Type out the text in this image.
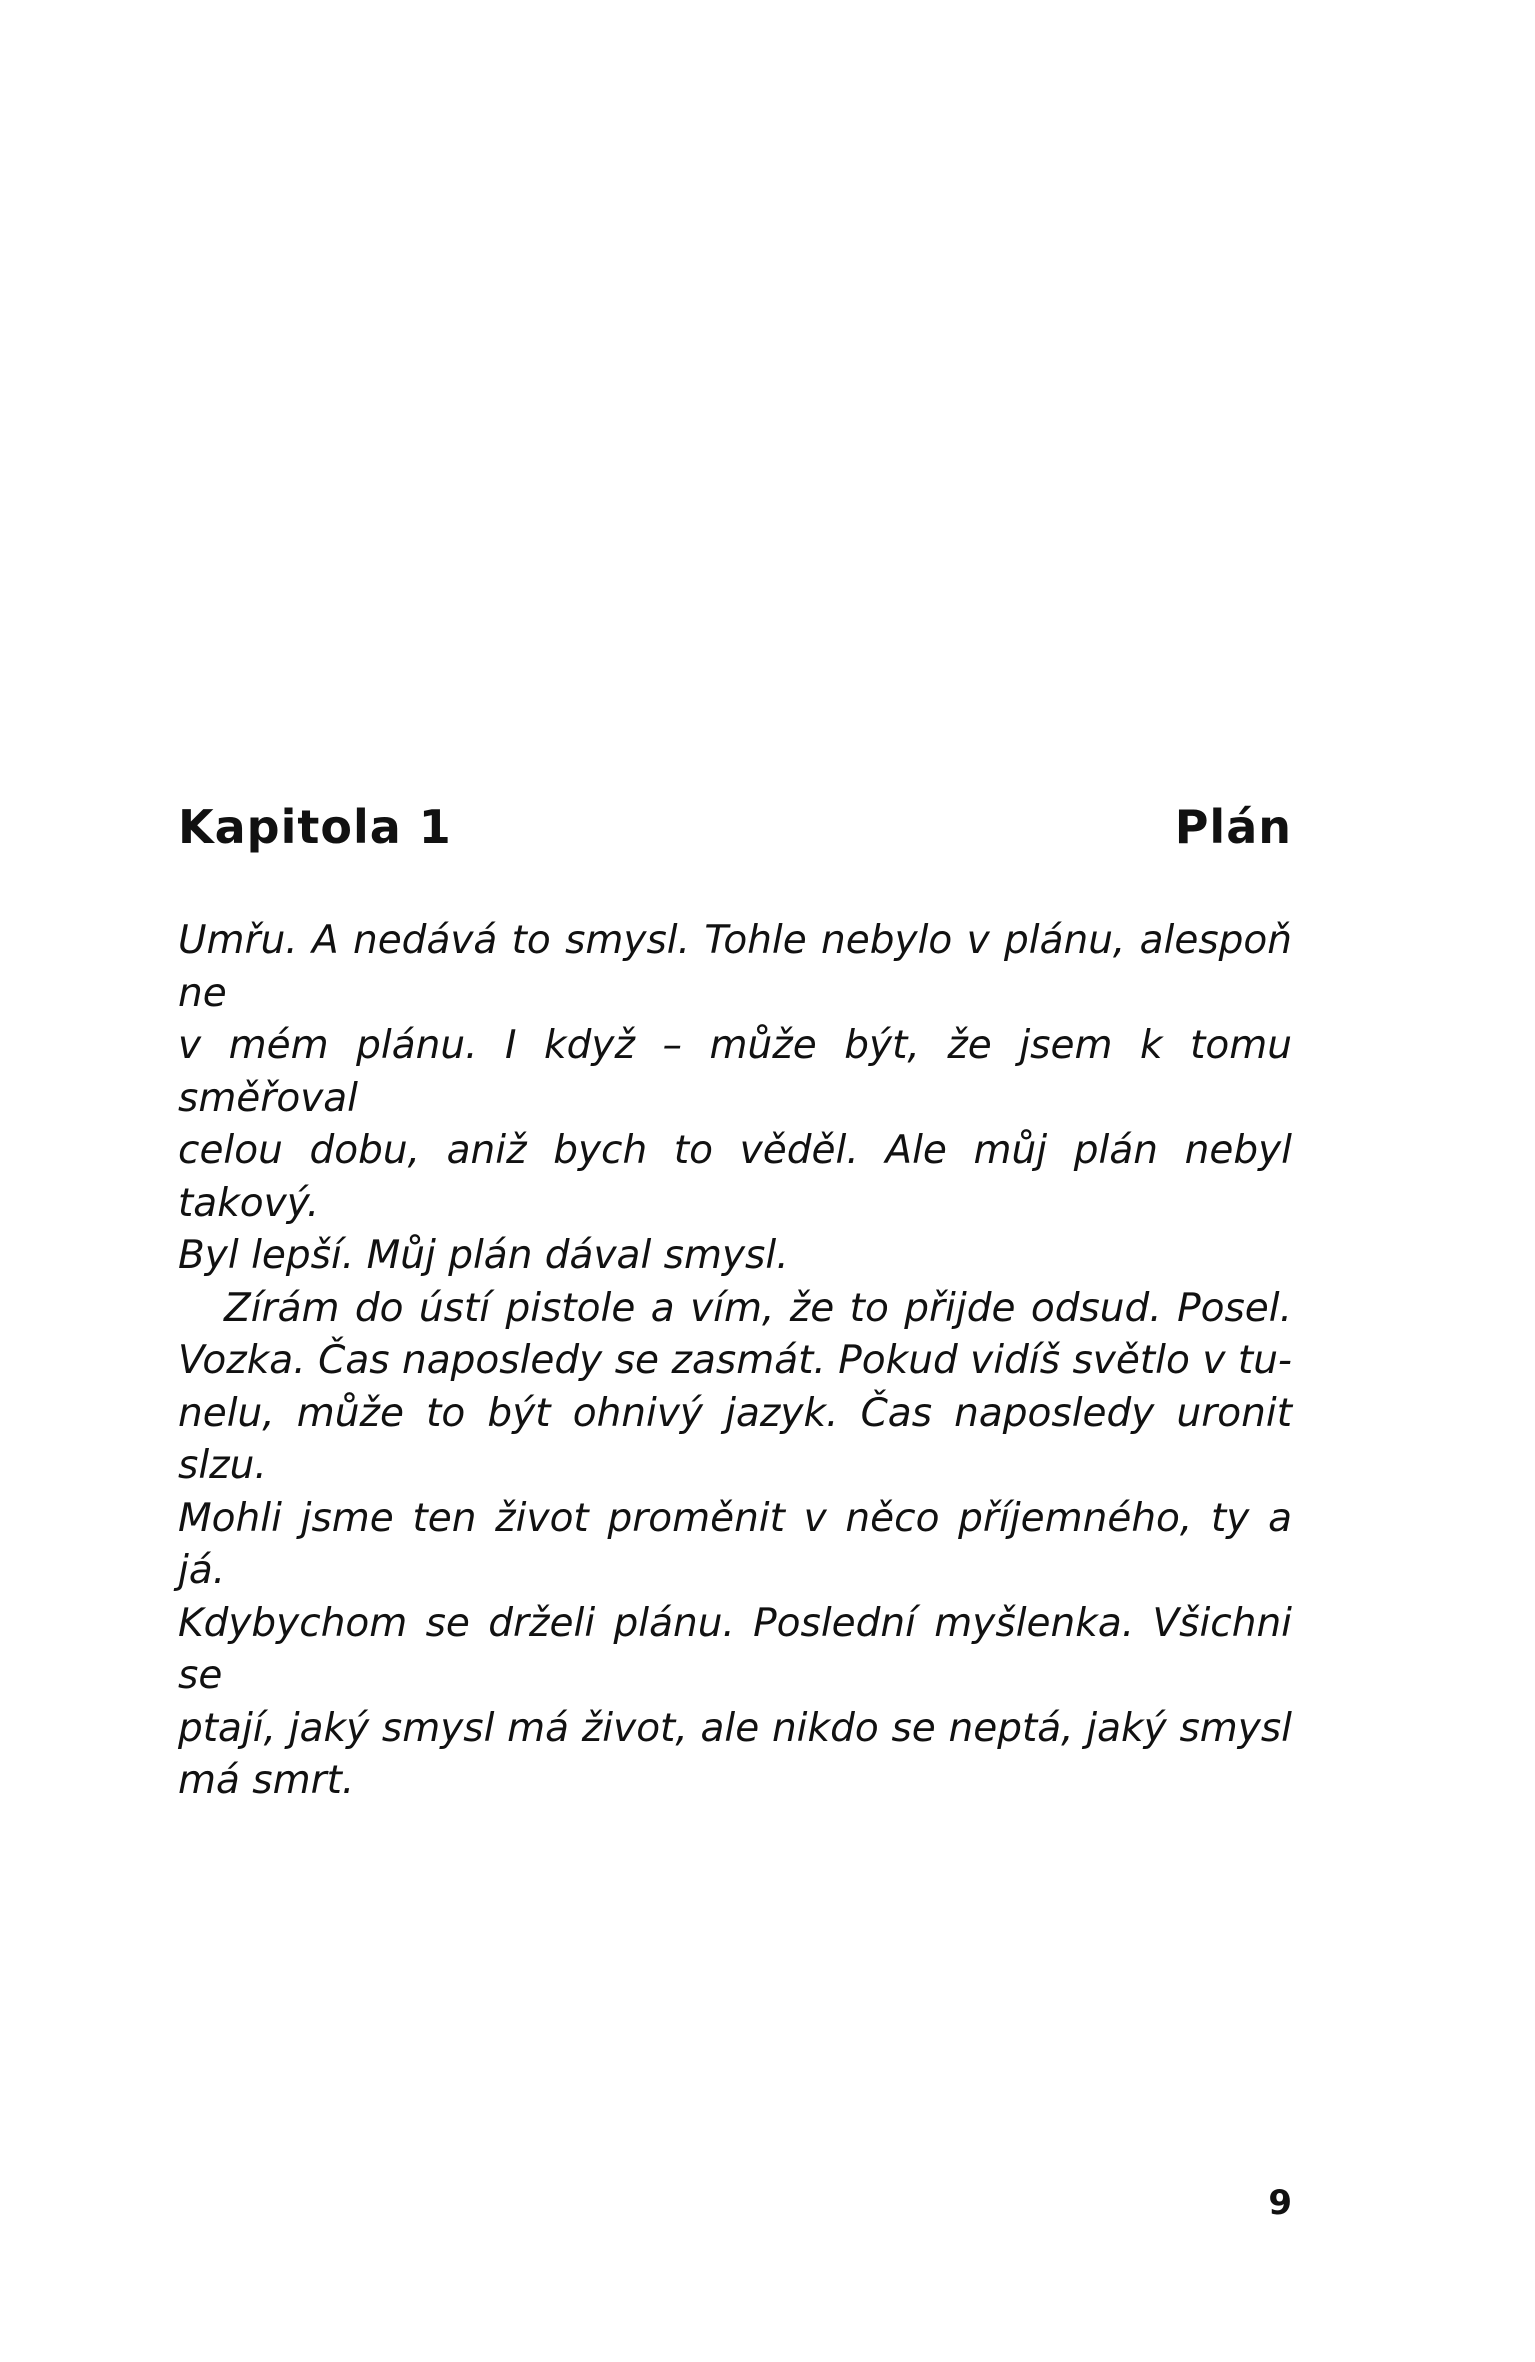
Kapitola 1	Plán

Umřu. A nedává to smysl. Tohle nebylo v plánu, alespoň ne
v mém plánu. I když – může být, že jsem k tomu směřoval
celou dobu, aniž bych to věděl. Ale můj plán nebyl takový.
Byl lepší. Můj plán dával smysl.

Zírám do ústí pistole a vím, že to přijde odsud. Posel.
Vozka. Čas naposledy se zasmát. Pokud vidíš světlo v tu-
nelu, může to být ohnivý jazyk. Čas naposledy uronit slzu.
Mohli jsme ten život proměnit v něco příjemného, ty a já.
Kdybychom se drželi plánu. Poslední myšlenka. Všichni se
ptají, jaký smysl má život, ale nikdo se neptá, jaký smysl
má smrt.

9
